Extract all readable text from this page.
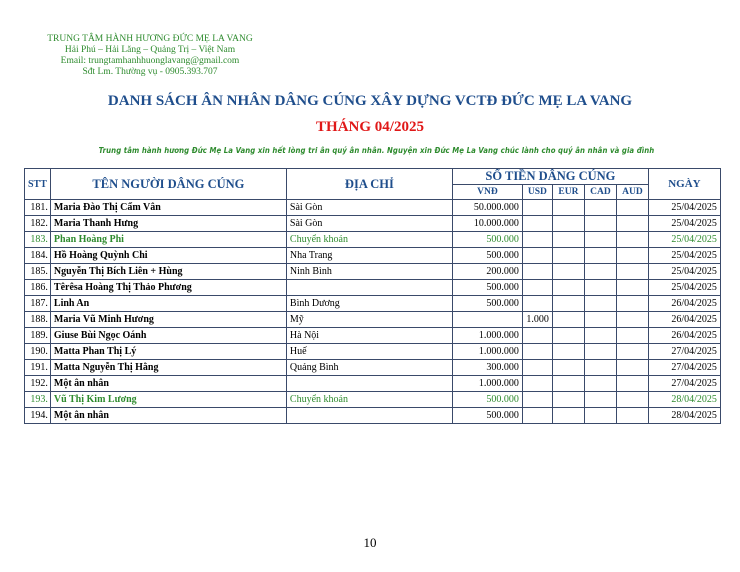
TRUNG TÂM HÀNH HƯƠNG ĐỨC MẸ LA VANG
Hải Phú – Hải Lăng – Quảng Trị – Việt Nam
Email: trungtamhanhhuonglavang@gmail.com
Sđt Lm. Thường vụ - 0905.393.707
DANH SÁCH ÂN NHÂN DÂNG CÚNG XÂY DỰNG VCTĐ ĐỨC MẸ LA VANG
THÁNG 04/2025
Trung tâm hành hương Đức Mẹ La Vang xin hết lòng tri ân quý ân nhân. Nguyện xin Đức Mẹ La Vang chúc lành cho quý ân nhân và gia đình
STT	TÊN NGƯỜI DÂNG CÚNG	ĐỊA CHỈ	SỐ TIỀN DÂNG CÚNG					NGÀY
			VNĐ	USD	EUR	CAD	AUD	
181.	Maria Đào Thị Cẩm Vân	Sài Gòn	50.000.000					25/04/2025
182.	Maria Thanh Hưng	Sài Gòn	10.000.000					25/04/2025
183.	Phan Hoàng Phi	Chuyển khoản	500.000					25/04/2025
184.	Hồ Hoàng Quỳnh Chi	Nha Trang	500.000					25/04/2025
185.	Nguyễn Thị Bích Liên + Hùng	Ninh Bình	200.000					25/04/2025
186.	Têrêsa Hoàng Thị Thảo Phương		500.000					25/04/2025
187.	Linh An	Bình Dương	500.000					26/04/2025
188.	Maria Vũ Minh Hương	Mỹ		1.000				26/04/2025
189.	Giuse Bùi Ngọc Oánh	Hà Nội	1.000.000					26/04/2025
190.	Matta Phan Thị Lý	Huế	1.000.000					27/04/2025
191.	Matta Nguyễn Thị Hằng	Quảng Bình	300.000					27/04/2025
192.	Một ân nhân		1.000.000					27/04/2025
193.	Vũ Thị Kim Lương	Chuyển khoản	500.000					28/04/2025
194.	Một ân nhân		500.000					28/04/2025
10
